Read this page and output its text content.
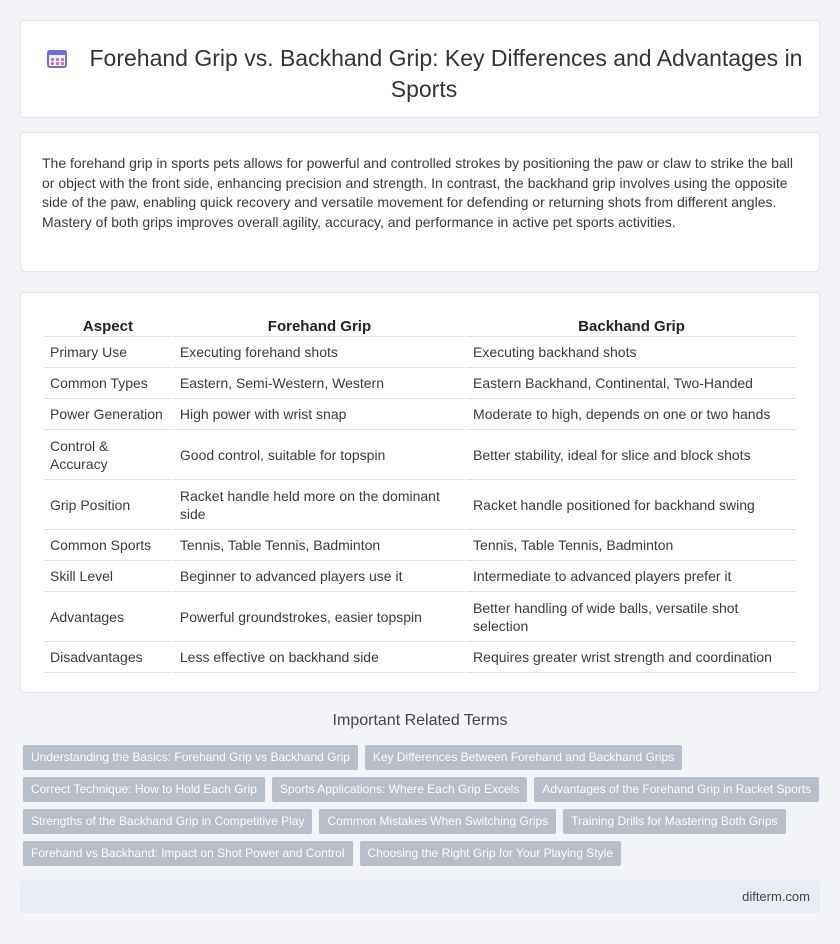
Forehand Grip vs. Backhand Grip: Key Differences and Advantages in Sports

The forehand grip in sports pets allows for powerful and controlled strokes by positioning the paw or claw to strike the ball or object with the front side, enhancing precision and strength. In contrast, the backhand grip involves using the opposite side of the paw, enabling quick recovery and versatile movement for defending or returning shots from different angles. Mastery of both grips improves overall agility, accuracy, and performance in active pet sports activities.

Aspect	Forehand Grip	Backhand Grip
Primary Use	Executing forehand shots	Executing backhand shots
Common Types	Eastern, Semi-Western, Western	Eastern Backhand, Continental, Two-Handed
Power Generation	High power with wrist snap	Moderate to high, depends on one or two hands
Control & Accuracy	Good control, suitable for topspin	Better stability, ideal for slice and block shots
Grip Position	Racket handle held more on the dominant side	Racket handle positioned for backhand swing
Common Sports	Tennis, Table Tennis, Badminton	Tennis, Table Tennis, Badminton
Skill Level	Beginner to advanced players use it	Intermediate to advanced players prefer it
Advantages	Powerful groundstrokes, easier topspin	Better handling of wide balls, versatile shot selection
Disadvantages	Less effective on backhand side	Requires greater wrist strength and coordination
Important Related Terms
Understanding the Basics: Forehand Grip vs Backhand Grip	Key Differences Between Forehand and Backhand Grips
Correct Technique: How to Hold Each Grip	Sports Applications: Where Each Grip Excels	Advantages of the Forehand Grip in Racket Sports
Strengths of the Backhand Grip in Competitive Play	Common Mistakes When Switching Grips	Training Drills for Mastering Both Grips
Forehand vs Backhand: Impact on Shot Power and Control	Choosing the Right Grip for Your Playing Style
difterm.com
